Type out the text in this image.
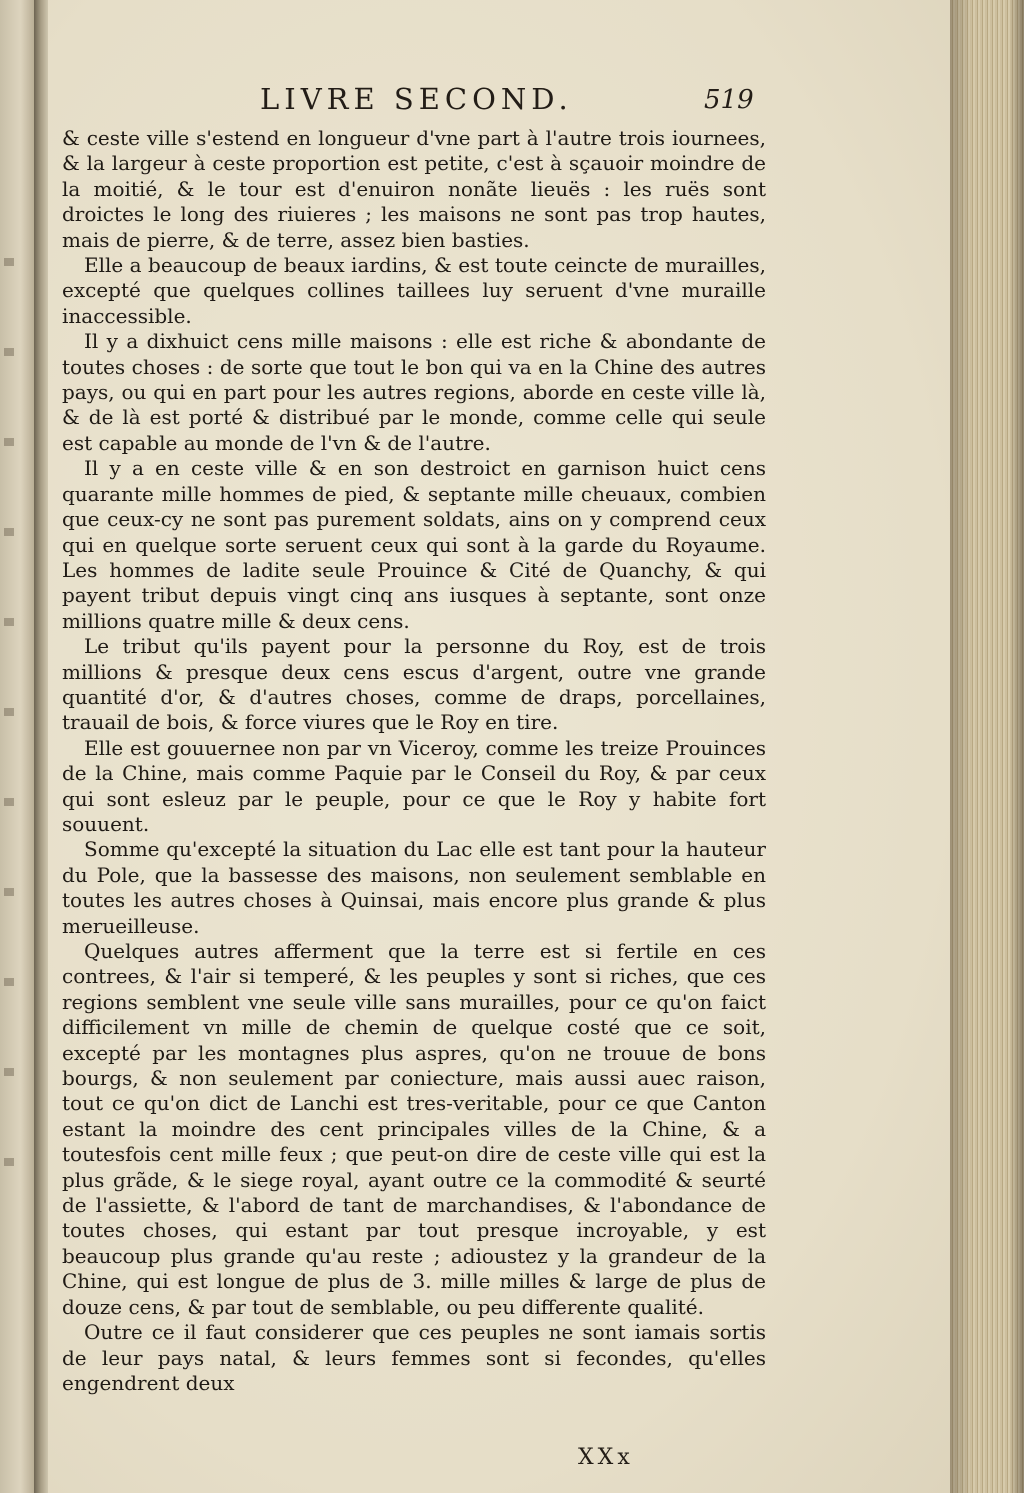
LIVRE SECOND.	519

& ceste ville s'estend en longueur d'vne part à l'autre trois iournees, & la largeur à ceste proportion est petite, c'est à sçauoir moindre de la moitié, & le tour est d'enuiron nonãte lieuës : les ruës sont droictes le long des riuieres ; les maisons ne sont pas trop hautes, mais de pierre, & de terre, assez bien basties.

Elle a beaucoup de beaux iardins, & est toute ceincte de murailles, excepté que quelques collines taillees luy seruent d'vne muraille inaccessible.

Il y a dixhuict cens mille maisons : elle est riche & abondante de toutes choses : de sorte que tout le bon qui va en la Chine des autres pays, ou qui en part pour les autres regions, aborde en ceste ville là, & de là est porté & distribué par le monde, comme celle qui seule est capable au monde de l'vn & de l'autre.

Il y a en ceste ville & en son destroict en garnison huict cens quarante mille hommes de pied, & septante mille cheuaux, combien que ceux-cy ne sont pas purement soldats, ains on y comprend ceux qui en quelque sorte seruent ceux qui sont à la garde du Royaume. Les hommes de ladite seule Prouince & Cité de Quanchy, & qui payent tribut depuis vingt cinq ans iusques à septante, sont onze millions quatre mille & deux cens.

Le tribut qu'ils payent pour la personne du Roy, est de trois millions & presque deux cens escus d'argent, outre vne grande quantité d'or, & d'autres choses, comme de draps, porcellaines, trauail de bois, & force viures que le Roy en tire.

Elle est gouuernee non par vn Viceroy, comme les treize Prouinces de la Chine, mais comme Paquie par le Conseil du Roy, & par ceux qui sont esleuz par le peuple, pour ce que le Roy y habite fort souuent.

Somme qu'excepté la situation du Lac elle est tant pour la hauteur du Pole, que la bassesse des maisons, non seulement semblable en toutes les autres choses à Quinsai, mais encore plus grande & plus merueilleuse.

Quelques autres afferment que la terre est si fertile en ces contrees, & l'air si temperé, & les peuples y sont si riches, que ces regions semblent vne seule ville sans murailles, pour ce qu'on faict difficilement vn mille de chemin de quelque costé que ce soit, excepté par les montagnes plus aspres, qu'on ne trouue de bons bourgs, & non seulement par coniecture, mais aussi auec raison, tout ce qu'on dict de Lanchi est tres-veritable, pour ce que Canton estant la moindre des cent principales villes de la Chine, & a toutesfois cent mille feux ; que peut-on dire de ceste ville qui est la plus grãde, & le siege royal, ayant outre ce la commodité & seurté de l'assiette, & l'abord de tant de marchandises, & l'abondance de toutes choses, qui estant par tout presque incroyable, y est beaucoup plus grande qu'au reste ; adioustez y la grandeur de la Chine, qui est longue de plus de 3. mille milles & large de plus de douze cens, & par tout de semblable, ou peu differente qualité.

Outre ce il faut considerer que ces peuples ne sont iamais sortis de leur pays natal, & leurs femmes sont si fecondes, qu'elles engendrent deux

XXx
